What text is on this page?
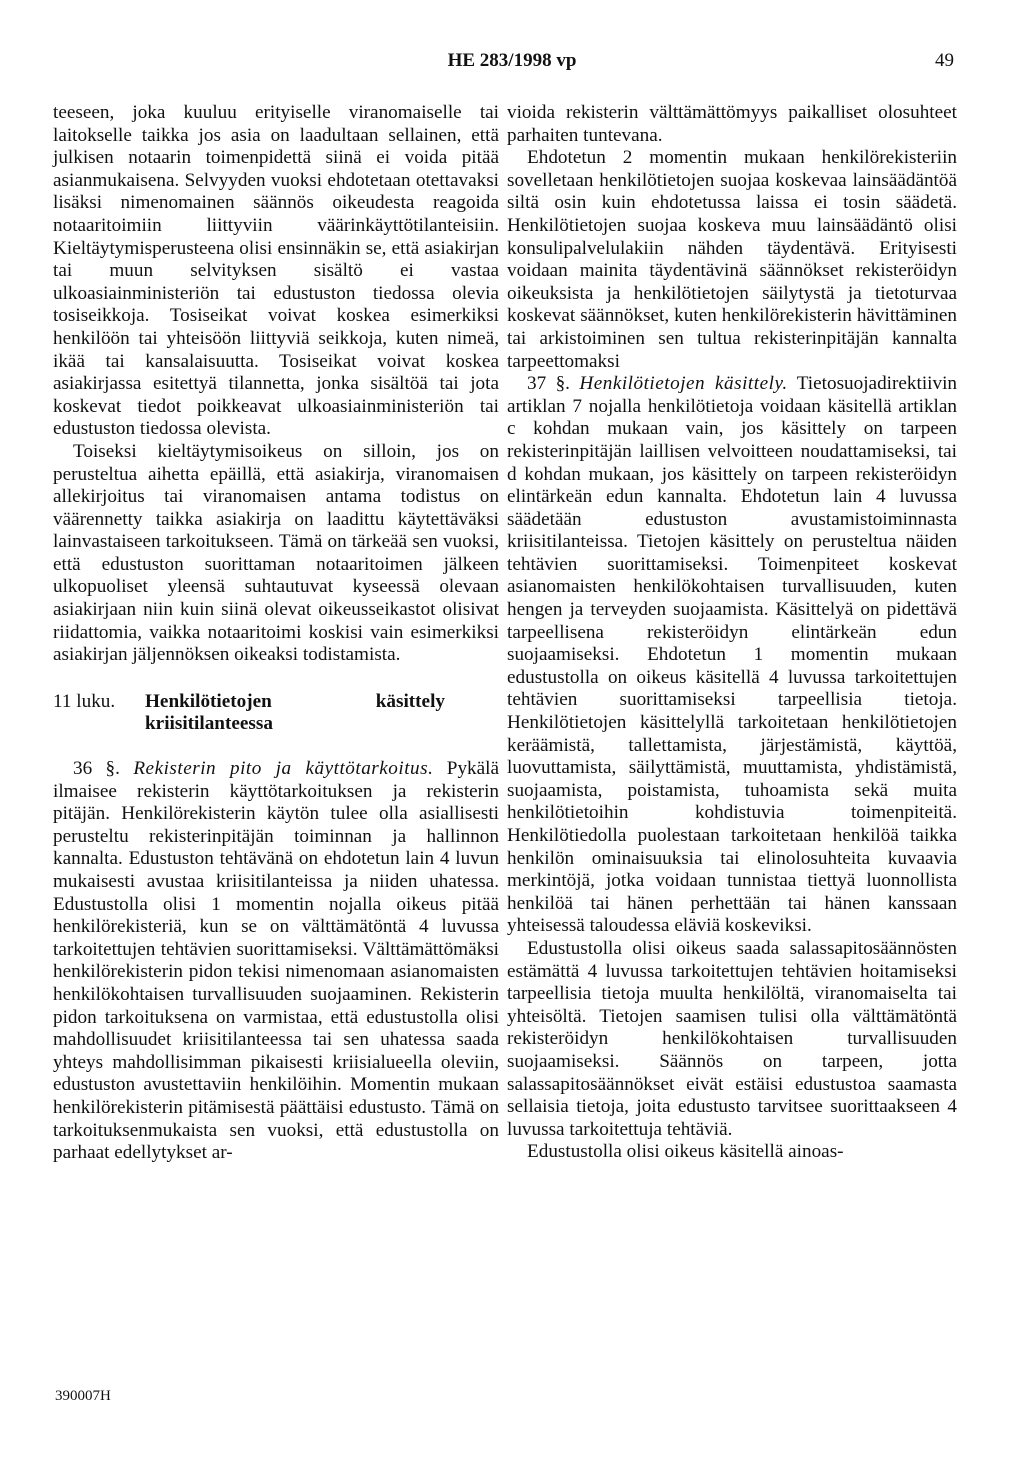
HE 283/1998 vp	49

teeseen, joka kuuluu erityiselle viranomaiselle tai laitokselle taikka jos asia on laadultaan sellainen, että julkisen notaarin toimenpidettä siinä ei voida pitää asianmukaisena. Selvyyden vuoksi ehdotetaan otettavaksi lisäksi nimenomainen säännös oikeudesta reagoida notaaritoimiin liittyviin väärinkäyttötilanteisiin. Kieltäytymisperusteena olisi ensinnäkin se, että asiakirjan tai muun selvityksen sisältö ei vastaa ulkoasiainministeriön tai edustuston tiedossa olevia tosiseikkoja. Tosiseikat voivat koskea esimerkiksi henkilöön tai yhteisöön liittyviä seikkoja, kuten nimeä, ikää tai kansalaisuutta. Tosiseikat voivat koskea asiakirjassa esitettyä tilannetta, jonka sisältöä tai jota koskevat tiedot poikkeavat ulkoasiainministeriön tai edustuston tiedossa olevista.

Toiseksi kieltäytymisoikeus on silloin, jos on perusteltua aihetta epäillä, että asiakirja, viranomaisen allekirjoitus tai viranomaisen antama todistus on väärennetty taikka asiakirja on laadittu käytettäväksi lainvastaiseen tarkoitukseen. Tämä on tärkeää sen vuoksi, että edustuston suorittaman notaaritoimen jälkeen ulkopuoliset yleensä suhtautuvat kyseessä olevaan asiakirjaan niin kuin siinä olevat oikeusseikastot olisivat riidattomia, vaikka notaaritoimi koskisi vain esimerkiksi asiakirjan jäljennöksen oikeaksi todistamista.

11 luku.	Henkilötietojen käsittely kriisitilanteessa

36 §. Rekisterin pito ja käyttötarkoitus. Pykälä ilmaisee rekisterin käyttötarkoituksen ja rekisterin pitäjän. Henkilörekisterin käytön tulee olla asiallisesti perusteltu rekisterinpitäjän toiminnan ja hallinnon kannalta. Edustuston tehtävänä on ehdotetun lain 4 luvun mukaisesti avustaa kriisitilanteissa ja niiden uhatessa. Edustustolla olisi 1 momentin nojalla oikeus pitää henkilörekisteriä, kun se on välttämätöntä 4 luvussa tarkoitettujen tehtävien suorittamiseksi. Välttämättömäksi henkilörekisterin pidon tekisi nimenomaan asianomaisten henkilökohtaisen turvallisuuden suojaaminen. Rekisterin pidon tarkoituksena on varmistaa, että edustustolla olisi mahdollisuudet kriisitilanteessa tai sen uhatessa saada yhteys mahdollisimman pikaisesti kriisialueella oleviin, edustuston avustettaviin henkilöihin. Momentin mukaan henkilörekisterin pitämisestä päättäisi edustusto. Tämä on tarkoituksenmukaista sen vuoksi, että edustustolla on parhaat edellytykset ar-

vioida rekisterin välttämättömyys paikalliset olosuhteet parhaiten tuntevana.

Ehdotetun 2 momentin mukaan henkilörekisteriin sovelletaan henkilötietojen suojaa koskevaa lainsäädäntöä siltä osin kuin ehdotetussa laissa ei tosin säädetä. Henkilötietojen suojaa koskeva muu lainsäädäntö olisi konsulipalvelulakiin nähden täydentävä. Erityisesti voidaan mainita täydentävinä säännökset rekisteröidyn oikeuksista ja henkilötietojen säilytystä ja tietoturvaa koskevat säännökset, kuten henkilörekisterin hävittäminen tai arkistoiminen sen tultua rekisterinpitäjän kannalta tarpeettomaksi

37 §. Henkilötietojen käsittely. Tietosuojadirektiivin artiklan 7 nojalla henkilötietoja voidaan käsitellä artiklan c kohdan mukaan vain, jos käsittely on tarpeen rekisterinpitäjän laillisen velvoitteen noudattamiseksi, tai d kohdan mukaan, jos käsittely on tarpeen rekisteröidyn elintärkeän edun kannalta. Ehdotetun lain 4 luvussa säädetään edustuston avustamistoiminnasta kriisitilanteissa. Tietojen käsittely on perusteltua näiden tehtävien suorittamiseksi. Toimenpiteet koskevat asianomaisten henkilökohtaisen turvallisuuden, kuten hengen ja terveyden suojaamista. Käsittelyä on pidettävä tarpeellisena rekisteröidyn elintärkeän edun suojaamiseksi. Ehdotetun 1 momentin mukaan edustustolla on oikeus käsitellä 4 luvussa tarkoitettujen tehtävien suorittamiseksi tarpeellisia tietoja. Henkilötietojen käsittelyllä tarkoitetaan henkilötietojen keräämistä, tallettamista, järjestämistä, käyttöä, luovuttamista, säilyttämistä, muuttamista, yhdistämistä, suojaamista, poistamista, tuhoamista sekä muita henkilötietoihin kohdistuvia toimenpiteitä. Henkilötiedolla puolestaan tarkoitetaan henkilöä taikka henkilön ominaisuuksia tai elinolosuhteita kuvaavia merkintöjä, jotka voidaan tunnistaa tiettyä luonnollista henkilöä tai hänen perhettään tai hänen kanssaan yhteisessä taloudessa eläviä koskeviksi.

Edustustolla olisi oikeus saada salassapitosäännösten estämättä 4 luvussa tarkoitettujen tehtävien hoitamiseksi tarpeellisia tietoja muulta henkilöltä, viranomaiselta tai yhteisöltä. Tietojen saamisen tulisi olla välttämätöntä rekisteröidyn henkilökohtaisen turvallisuuden suojaamiseksi. Säännös on tarpeen, jotta salassapitosäännökset eivät estäisi edustustoa saamasta sellaisia tietoja, joita edustusto tarvitsee suorittaakseen 4 luvussa tarkoitettuja tehtäviä.

Edustustolla olisi oikeus käsitellä ainoas-

390007H
